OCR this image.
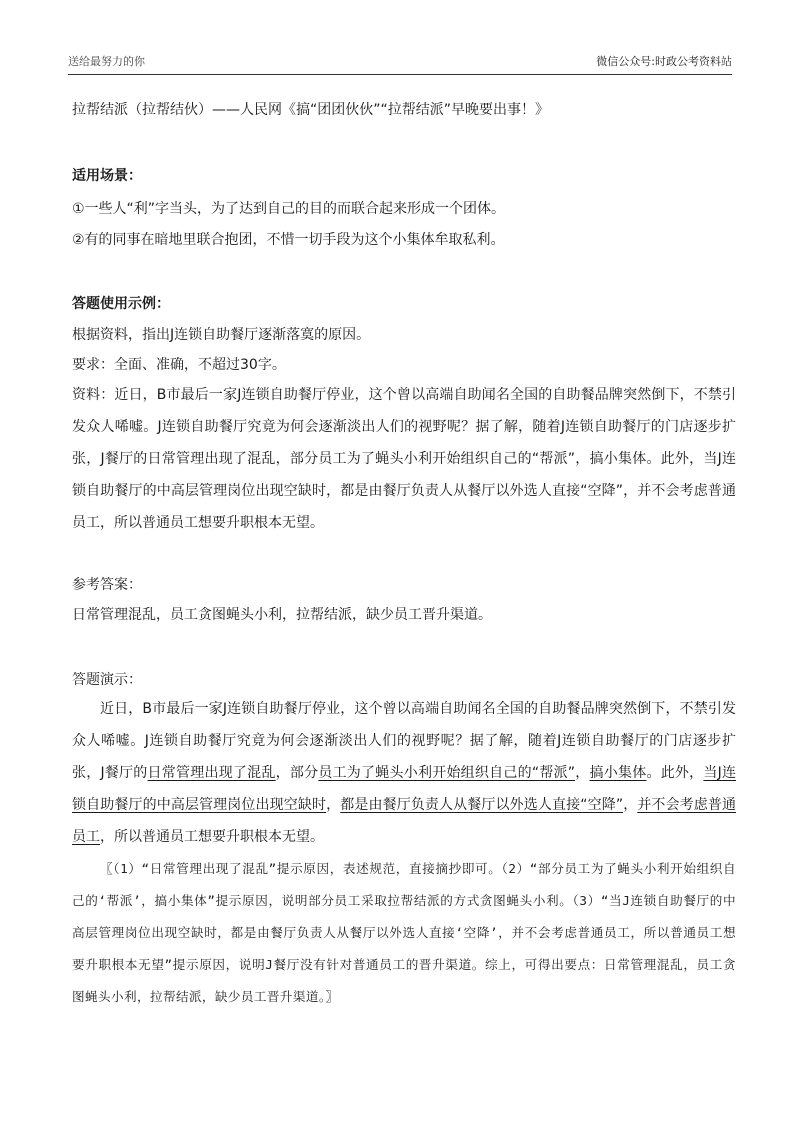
送给最努力的你	微信公众号:时政公考资料站

拉帮结派（拉帮结伙）——人民网《搞“团团伙伙”“拉帮结派”早晚要出事！》

适用场景：

①一些人“利”字当头，为了达到自己的目的而联合起来形成一个团体。

②有的同事在暗地里联合抱团，不惜一切手段为这个小集体牟取私利。

答题使用示例：

根据资料，指出J连锁自助餐厅逐渐落寞的原因。

要求：全面、准确，不超过30字。

资料：近日，B市最后一家J连锁自助餐厅停业，这个曾以高端自助闻名全国的自助餐品牌突然倒下，不禁引发众人唏嘘。J连锁自助餐厅究竟为何会逐渐淡出人们的视野呢？据了解，随着J连锁自助餐厅的门店逐步扩张，J餐厅的日常管理出现了混乱，部分员工为了蝇头小利开始组织自己的“帮派”，搞小集体。此外，当J连锁自助餐厅的中高层管理岗位出现空缺时，都是由餐厅负责人从餐厅以外选人直接“空降”，并不会考虑普通员工，所以普通员工想要升职根本无望。

参考答案：

日常管理混乱，员工贪图蝇头小利，拉帮结派，缺少员工晋升渠道。

答题演示：

近日，B市最后一家J连锁自助餐厅停业，这个曾以高端自助闻名全国的自助餐品牌突然倒下，不禁引发众人唏嘘。J连锁自助餐厅究竟为何会逐渐淡出人们的视野呢？据了解，随着J连锁自助餐厅的门店逐步扩张，J餐厅的日常管理出现了混乱，部分员工为了蝇头小利开始组织自己的“帮派”，搞小集体。此外，当J连锁自助餐厅的中高层管理岗位出现空缺时，都是由餐厅负责人从餐厅以外选人直接“空降”，并不会考虑普通员工，所以普通员工想要升职根本无望。

〖（1）“日常管理出现了混乱”提示原因，表述规范，直接摘抄即可。（2）“部分员工为了蝇头小利开始组织自己的‘帮派’，搞小集体”提示原因，说明部分员工采取拉帮结派的方式贪图蝇头小利。（3）“当J连锁自助餐厅的中高层管理岗位出现空缺时，都是由餐厅负责人从餐厅以外选人直接‘空降’，并不会考虑普通员工，所以普通员工想要升职根本无望”提示原因，说明J餐厅没有针对普通员工的晋升渠道。综上，可得出要点：日常管理混乱，员工贪图蝇头小利，拉帮结派，缺少员工晋升渠道。〗
